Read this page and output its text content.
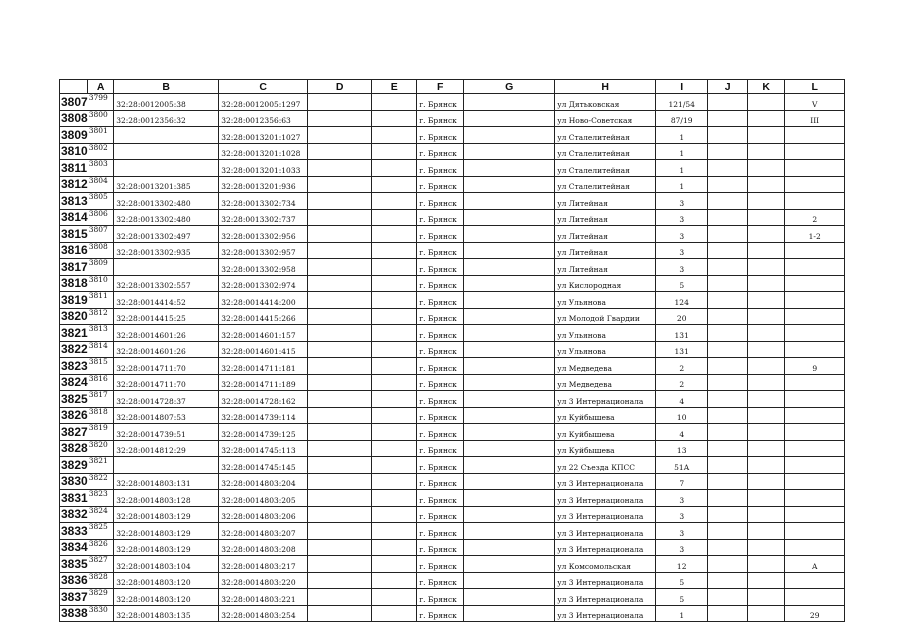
	A	B	C	D	E	F	G	H	I	J	K	L
3807	3799	32:28:0012005:38	32:28:0012005:1297			г. Брянск		ул Дятьковская	121/54			V
3808	3800	32:28:0012356:32	32:28:0012356:63			г. Брянск		ул Ново-Советская	87/19			III
3809	3801		32:28:0013201:1027			г. Брянск		ул Сталелитейная	1			
3810	3802		32:28:0013201:1028			г. Брянск		ул Сталелитейная	1			
3811	3803		32:28:0013201:1033			г. Брянск		ул Сталелитейная	1			
3812	3804	32:28:0013201:385	32:28:0013201:936			г. Брянск		ул Сталелитейная	1			
3813	3805	32:28:0013302:480	32:28:0013302:734			г. Брянск		ул Литейная	3			
3814	3806	32:28:0013302:480	32:28:0013302:737			г. Брянск		ул Литейная	3			2
3815	3807	32:28:0013302:497	32:28:0013302:956			г. Брянск		ул Литейная	3			1-2
3816	3808	32:28:0013302:935	32:28:0013302:957			г. Брянск		ул Литейная	3			
3817	3809		32:28:0013302:958			г. Брянск		ул Литейная	3			
3818	3810	32:28:0013302:557	32:28:0013302:974			г. Брянск		ул Кислородная	5			
3819	3811	32:28:0014414:52	32:28:0014414:200			г. Брянск		ул Ульянова	124			
3820	3812	32:28:0014415:25	32:28:0014415:266			г. Брянск		ул Молодой Гвардии	20			
3821	3813	32:28:0014601:26	32:28:0014601:157			г. Брянск		ул Ульянова	131			
3822	3814	32:28:0014601:26	32:28:0014601:415			г. Брянск		ул Ульянова	131			
3823	3815	32:28:0014711:70	32:28:0014711:181			г. Брянск		ул Медведева	2			9
3824	3816	32:28:0014711:70	32:28:0014711:189			г. Брянск		ул Медведева	2			
3825	3817	32:28:0014728:37	32:28:0014728:162			г. Брянск		ул 3 Интернационала	4			
3826	3818	32:28:0014807:53	32:28:0014739:114			г. Брянск		ул Куйбышева	10			
3827	3819	32:28:0014739:51	32:28:0014739:125			г. Брянск		ул Куйбышева	4			
3828	3820	32:28:0014812:29	32:28:0014745:113			г. Брянск		ул Куйбышева	13			
3829	3821		32:28:0014745:145			г. Брянск		ул 22 Съезда КПСС	51А			
3830	3822	32:28:0014803:131	32:28:0014803:204			г. Брянск		ул 3 Интернационала	7			
3831	3823	32:28:0014803:128	32:28:0014803:205			г. Брянск		ул 3 Интернационала	3			
3832	3824	32:28:0014803:129	32:28:0014803:206			г. Брянск		ул 3 Интернационала	3			
3833	3825	32:28:0014803:129	32:28:0014803:207			г. Брянск		ул 3 Интернационала	3			
3834	3826	32:28:0014803:129	32:28:0014803:208			г. Брянск		ул 3 Интернационала	3			
3835	3827	32:28:0014803:104	32:28:0014803:217			г. Брянск		ул Комсомольская	12			А
3836	3828	32:28:0014803:120	32:28:0014803:220			г. Брянск		ул 3 Интернационала	5			
3837	3829	32:28:0014803:120	32:28:0014803:221			г. Брянск		ул 3 Интернационала	5			
3838	3830	32:28:0014803:135	32:28:0014803:254			г. Брянск		ул 3 Интернационала	1			29
